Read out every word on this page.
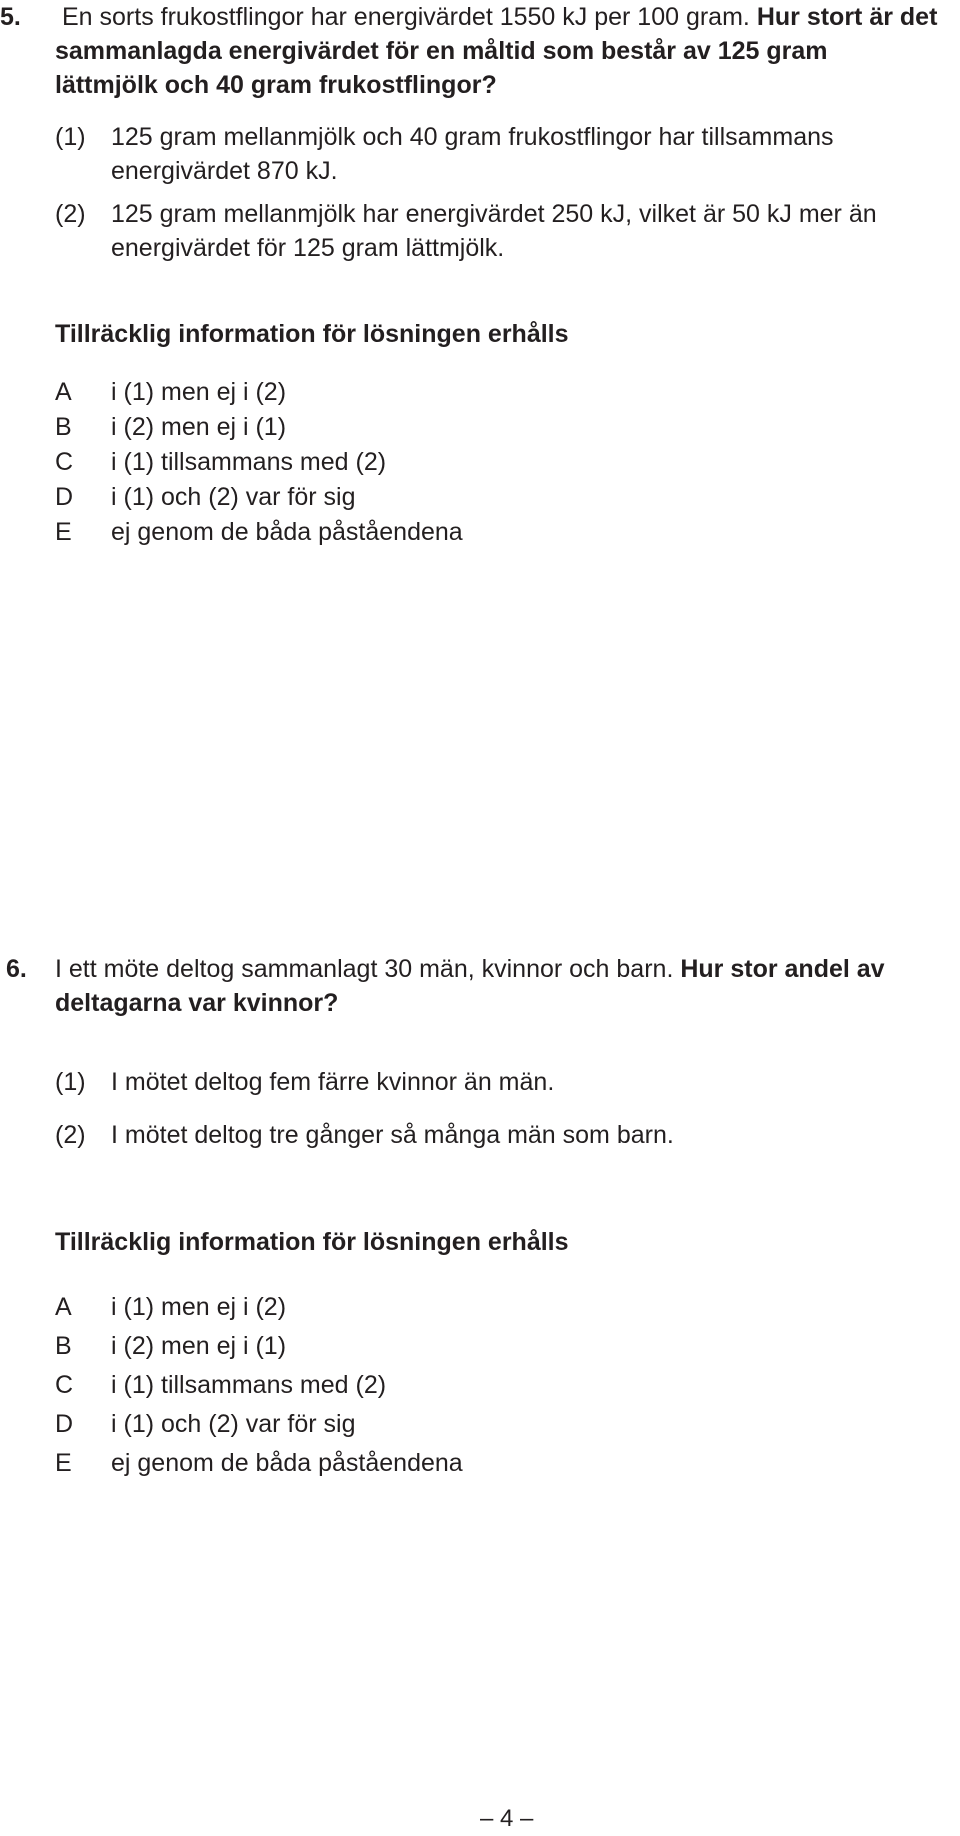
5. En sorts frukostflingor har energivärdet 1550 kJ per 100 gram. Hur stort är det
sammanlagda energivärdet för en måltid som består av 125 gram
lättmjölk och 40 gram frukostflingor?
(1) 125 gram mellanmjölk och 40 gram frukostflingor har tillsammans
energivärdet 870 kJ.
(2) 125 gram mellanmjölk har energivärdet 250 kJ, vilket är 50 kJ mer än
energivärdet för 125 gram lättmjölk.
Tillräcklig information för lösningen erhålls
A i (1) men ej i (2)
B i (2) men ej i (1)
C i (1) tillsammans med (2)
D i (1) och (2) var för sig
E ej genom de båda påståendena
6. I ett möte deltog sammanlagt 30 män, kvinnor och barn. Hur stor andel av
deltagarna var kvinnor?
(1) I mötet deltog fem färre kvinnor än män.
(2) I mötet deltog tre gånger så många män som barn.
Tillräcklig information för lösningen erhålls
A i (1) men ej i (2)
B i (2) men ej i (1)
C i (1) tillsammans med (2)
D i (1) och (2) var för sig
E ej genom de båda påståendena
– 4 –
